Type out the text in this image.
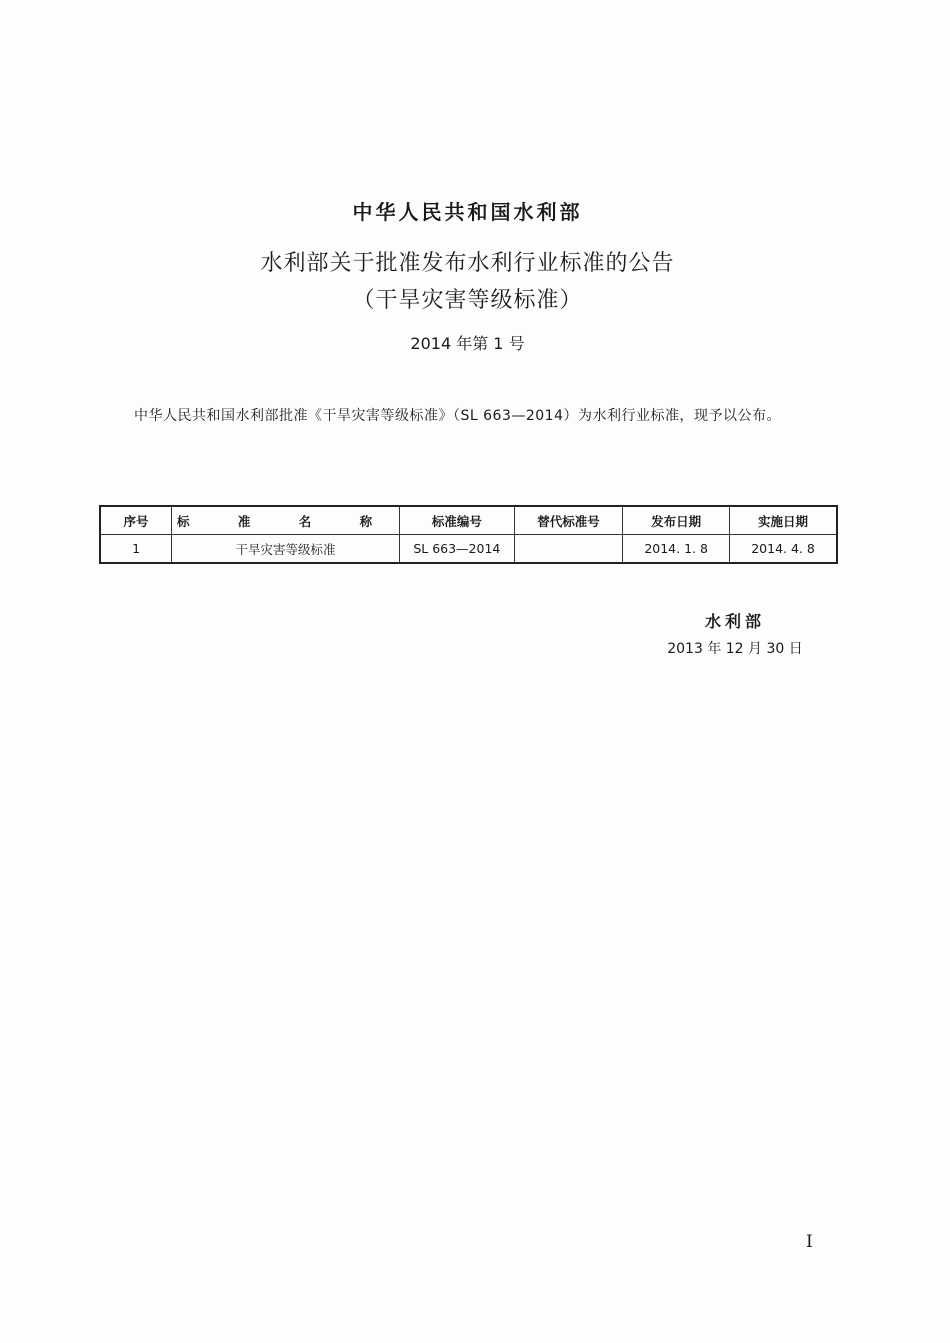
中华人民共和国水利部
水利部关于批准发布水利行业标准的公告
（干旱灾害等级标准）
2014 年第 1 号
中华人民共和国水利部批准《干旱灾害等级标准》（SL 663—2014）为水利行业标准，现予以公布。
序号	标 准 名 称	标准编号	替代标准号	发布日期	实施日期
1	干旱灾害等级标准	SL 663—2014		2014. 1. 8	2014. 4. 8
水利部
2013 年 12 月 30 日
I
